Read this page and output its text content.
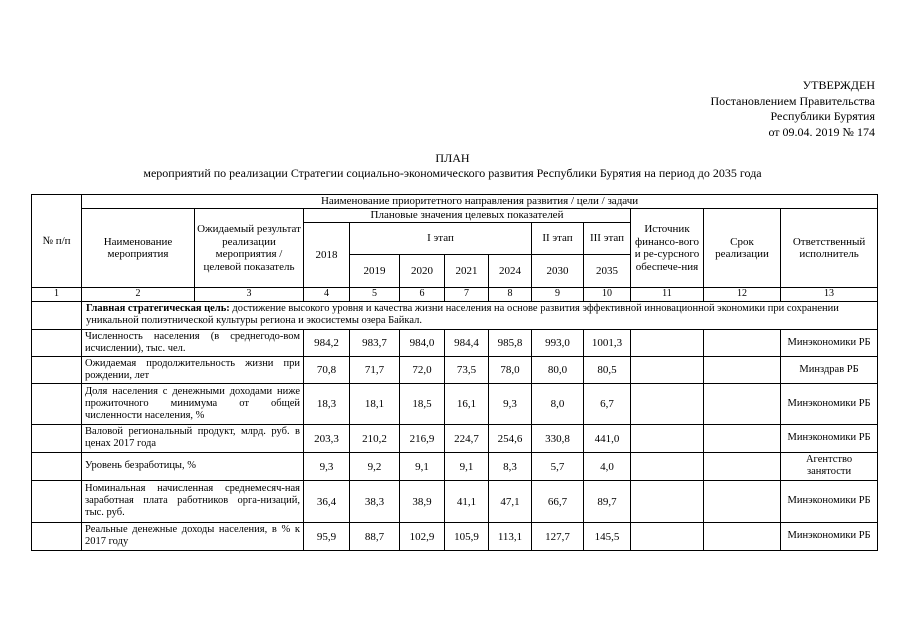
УТВЕРЖДЕН
Постановлением Правительства
Республики Бурятия
от 09.04. 2019 № 174
ПЛАН
мероприятий по реализации Стратегии социально-экономического развития Республики Бурятия на период до 2035 года
№ п/п	Наименование приоритетного направления развития / цели / задачи											
	Наименование мероприятия	Ожидаемый результат реализации мероприятия / целевой показатель	Плановые значения целевых показателей							Источник финансо-вого и ре-сурсного обеспече-ния	Срок реализации	Ответственный исполнитель
			2018	I этап				II этап	III этап			
				2019	2020	2021	2024	2030	2035			
1	2	3	4	5	6	7	8	9	10	11	12	13
	Главная стратегическая цель: достижение высокого уровня и качества жизни населения на основе развития эффективной инновационной экономики при сохранении уникальной полиэтнической культуры региона и экосистемы озера Байкал.											
	Численность населения (в среднегодо-вом исчислении), тыс. чел.		984,2	983,7	984,0	984,4	985,8	993,0	1001,3			Минэкономики РБ
	Ожидаемая продолжительность жизни при рождении, лет		70,8	71,7	72,0	73,5	78,0	80,0	80,5			Минздрав РБ
	Доля населения с денежными доходами ниже прожиточного минимума от общей численности населения, %		18,3	18,1	18,5	16,1	9,3	8,0	6,7			Минэкономики РБ
	Валовой региональный продукт, млрд. руб. в ценах 2017 года		203,3	210,2	216,9	224,7	254,6	330,8	441,0			Минэкономики РБ
	Уровень безработицы, %		9,3	9,2	9,1	9,1	8,3	5,7	4,0			Агентство занятости
	Номинальная начисленная среднемесяч-ная заработная плата работников орга-низаций, тыс. руб.		36,4	38,3	38,9	41,1	47,1	66,7	89,7			Минэкономики РБ
	Реальные денежные доходы населения, в % к 2017 году		95,9	88,7	102,9	105,9	113,1	127,7	145,5			Минэкономики РБ
